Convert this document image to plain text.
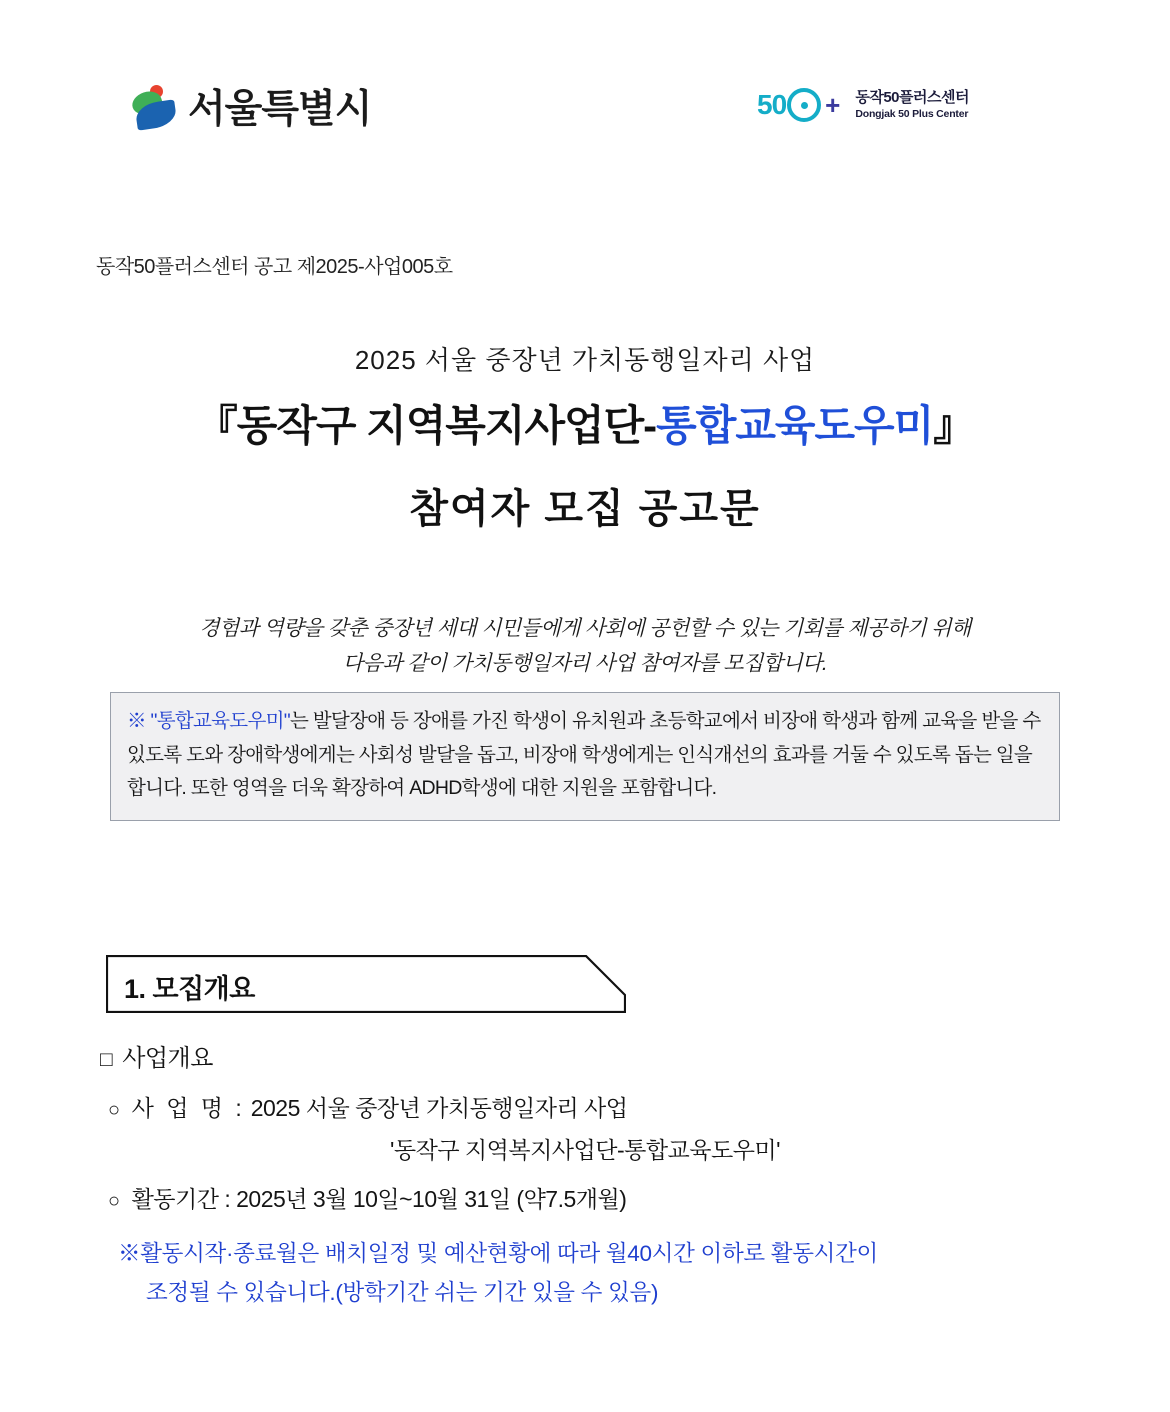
서울특별시	50 + 동작50플러스센터
Dongjak 50 Plus Center
동작50플러스센터 공고 제2025-사업005호
2025 서울 중장년 가치동행일자리 사업
『동작구 지역복지사업단-통합교육도우미』
참여자 모집 공고문
경험과 역량을 갖춘 중장년 세대 시민들에게 사회에 공헌할 수 있는 기회를 제공하기 위해
다음과 같이 가치동행일자리 사업 참여자를 모집합니다.

※ "통합교육도우미"는 발달장애 등 장애를 가진 학생이 유치원과 초등학교에서 비장애 학생과 함께 교육을 받을 수 있도록 도와 장애학생에게는 사회성 발달을 돕고, 비장애 학생에게는 인식개선의 효과를 거둘 수 있도록 돕는 일을 합니다. 또한 영역을 더욱 확장하여 ADHD학생에 대한 지원을 포함합니다.

1. 모집개요
□ 사업개요
○ 사 업 명 : 2025 서울 중장년 가치동행일자리 사업
'동작구 지역복지사업단-통합교육도우미'
○ 활동기간 : 2025년 3월 10일~10월 31일 (약7.5개월)
※활동시작·종료월은 배치일정 및 예산현황에 따라 월40시간 이하로 활동시간이
조정될 수 있습니다.(방학기간 쉬는 기간 있을 수 있음)
